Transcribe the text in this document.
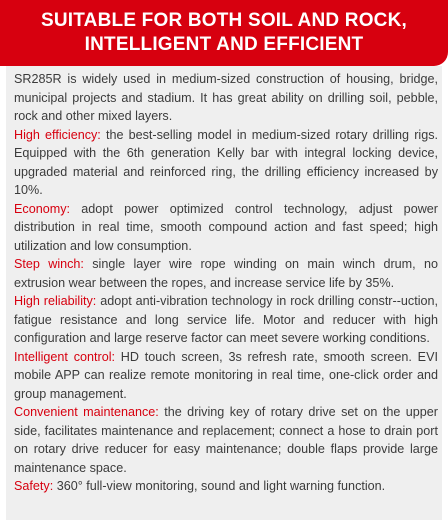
SUITABLE FOR BOTH SOIL AND ROCK,
INTELLIGENT AND EFFICIENT

SR285R is widely used in medium-sized construction of housing, bridge, municipal projects and stadium. It has great ability on drilling soil, pebble, rock and other mixed layers.

High efficiency: the best-selling model in medium-sized rotary drilling rigs. Equipped with the 6th generation Kelly bar with integral locking device, upgraded material and reinforced ring, the drilling efficiency increased by 10%.

Economy: adopt power optimized control technology, adjust power distribution in real time, smooth compound action and fast speed; high utilization and low consumption.

Step winch: single layer wire rope winding on main winch drum, no extrusion wear between the ropes, and increase service life by 35%.

High reliability: adopt anti-vibration technology in rock drilling constr--uction, fatigue resistance and long service life. Motor and reducer with high configuration and large reserve factor can meet severe working conditions.

Intelligent control: HD touch screen, 3s refresh rate, smooth screen. EVI mobile APP can realize remote monitoring in real time, one-click order and group management.

Convenient maintenance: the driving key of rotary drive set on the upper side, facilitates maintenance and replacement; connect a hose to drain port on rotary drive reducer for easy maintenance; double flaps provide large maintenance space.

Safety: 360° full-view monitoring, sound and light warning function.
